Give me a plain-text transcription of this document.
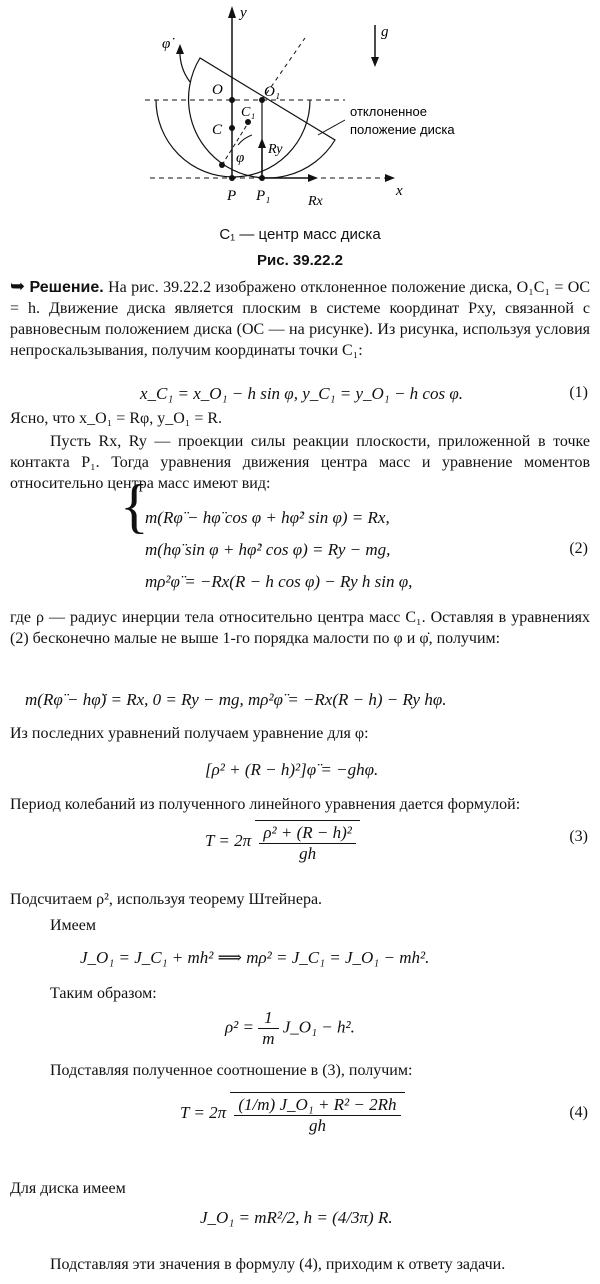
y
x
O	O₁
C
C₁
P P₁
φ
φ̇
g
Ry
Rx
отклоненное
положение диска
C₁ — центр масс диска
Рис. 39.22.2
➥ Решение. На рис. 39.22.2 изображено отклоненное положение диска, O₁C₁ = OC = h. Движение диска является плоским в системе координат Pxy, связанной с равновесным положением диска (OC — на рисунке). Из рисунка, используя условия непроскальзывания, получим координаты точки C₁:
x_C₁ = x_O₁ − h sin φ, y_C₁ = y_O₁ − h cos φ.	(1)
Ясно, что x_O₁ = Rφ, y_O₁ = R.
Пусть Rx, Ry — проекции силы реакции плоскости, приложенной в точке контакта P₁. Тогда уравнения движения центра масс и уравнение моментов относительно центра масс имеют вид:
{
m(Rφ̈ − hφ̈ cos φ + hφ̇² sin φ) = Rx,
m(hφ̈ sin φ + hφ̇² cos φ) = Ry − mg,
mρ²φ̈ = −Rx(R − h cos φ) − Ry h sin φ,
(2)
где ρ — радиус инерции тела относительно центра масс C₁. Оставляя в уравнениях (2) бесконечно малые не выше 1-го порядка малости по φ и φ̇, получим:
m(Rφ̈ − hφ̈) = Rx, 0 = Ry − mg, mρ²φ̈ = −Rx(R − h) − Ry hφ.
Из последних уравнений получаем уравнение для φ:
[ρ² + (R − h)²]φ̈ = −ghφ.
Период колебаний из полученного линейного уравнения дается формулой:
$T = 2\pi \frac{\text{ρ² + (R − h)²}}{gh}$	(3)
Подсчитаем ρ², используя теорему Штейнера.
Имеем
J_O₁ = J_C₁ + mh² ⟹ mρ² = J_C₁ = J_O₁ − mh².
Таким образом:
$\rho^2 = \frac{1}{m}$ J_O₁ − h².
Подставляя полученное соотношение в (3), получим:
$T = 2\pi \frac{\text{(1/m) J\_O₁ + R² − 2Rh}}{gh}$	(4)
Для диска имеем
J_O₁ = mR²/2, h = (4/3π) R.
Подставляя эти значения в формулу (4), приходим к ответу задачи.
